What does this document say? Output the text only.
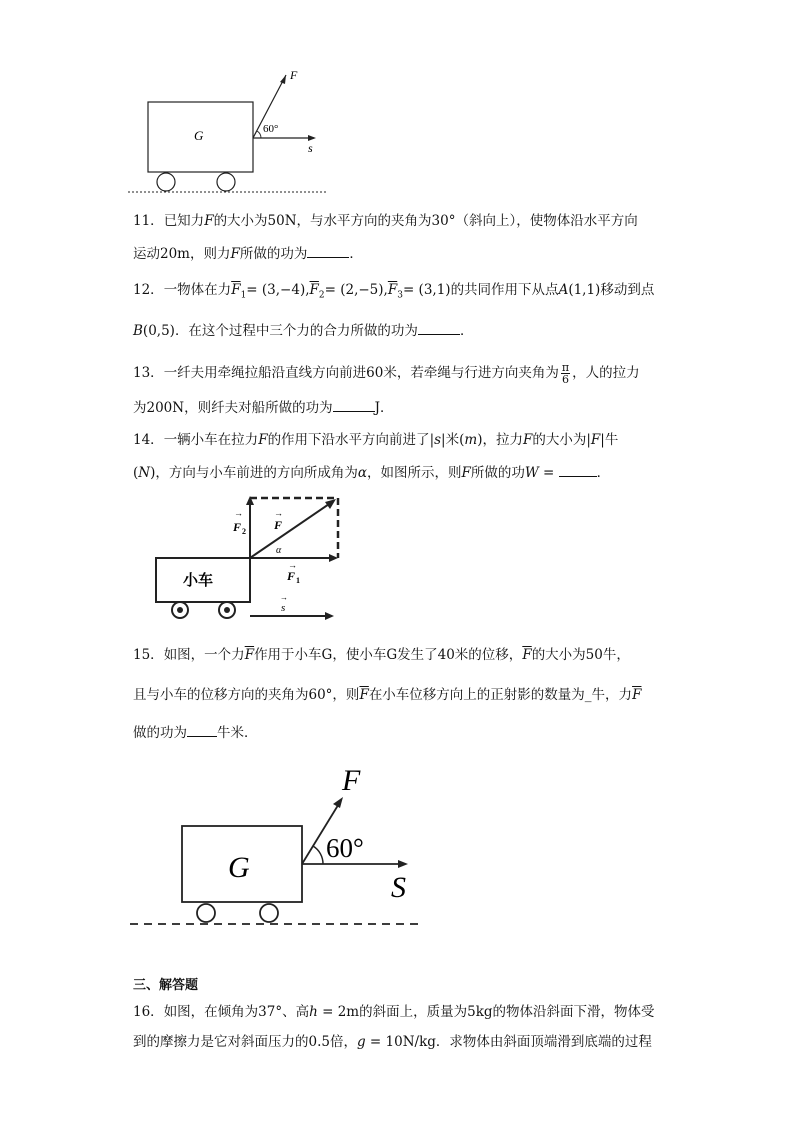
G
F
s
60°
11．已知力F的大小为50N，与水平方向的夹角为30°（斜向上），使物体沿水平方向
运动20m，则力F所做的功为	．
12．一物体在力$\overline{F}_1= (3,-4),\overline{F}_2= (2,-5),\overline{F}_3= (3,1)$的共同作用下从点A(1,1)移动到点
B(0,5)．在这个过程中三个力的合力所做的功为	．
13．一纤夫用牵绳拉船沿直线方向前进60米，若牵绳与行进方向夹角为 $\frac{\pi}{6}$ ，人的拉力
为200N，则纤夫对船所做的功为	J．
14．一辆小车在拉力F的作用下沿水平方向前进了|s|米(m)，拉力F的大小为|F|牛
(N)，方向与小车前进的方向所成角为α，如图所示，则F所做的功W =	．
→
F 2
→
F
α
→
F 1
小车
→
s
15．如图，一个力$\overline{F}$作用于小车G，使小车G发生了40米的位移，$\overline{F}$的大小为50牛，
且与小车的位移方向的夹角为60°，则$\overline{F}$在小车位移方向上的正射影的数量为_牛，力$\overline{F}$
做的功为 牛米．
G
F
S
60°
三、解答题
16．如图，在倾角为37°、高h = 2m的斜面上，质量为5kg的物体沿斜面下滑，物体受
到的摩擦力是它对斜面压力的0.5倍，g = 10N/kg．求物体由斜面顶端滑到底端的过程
